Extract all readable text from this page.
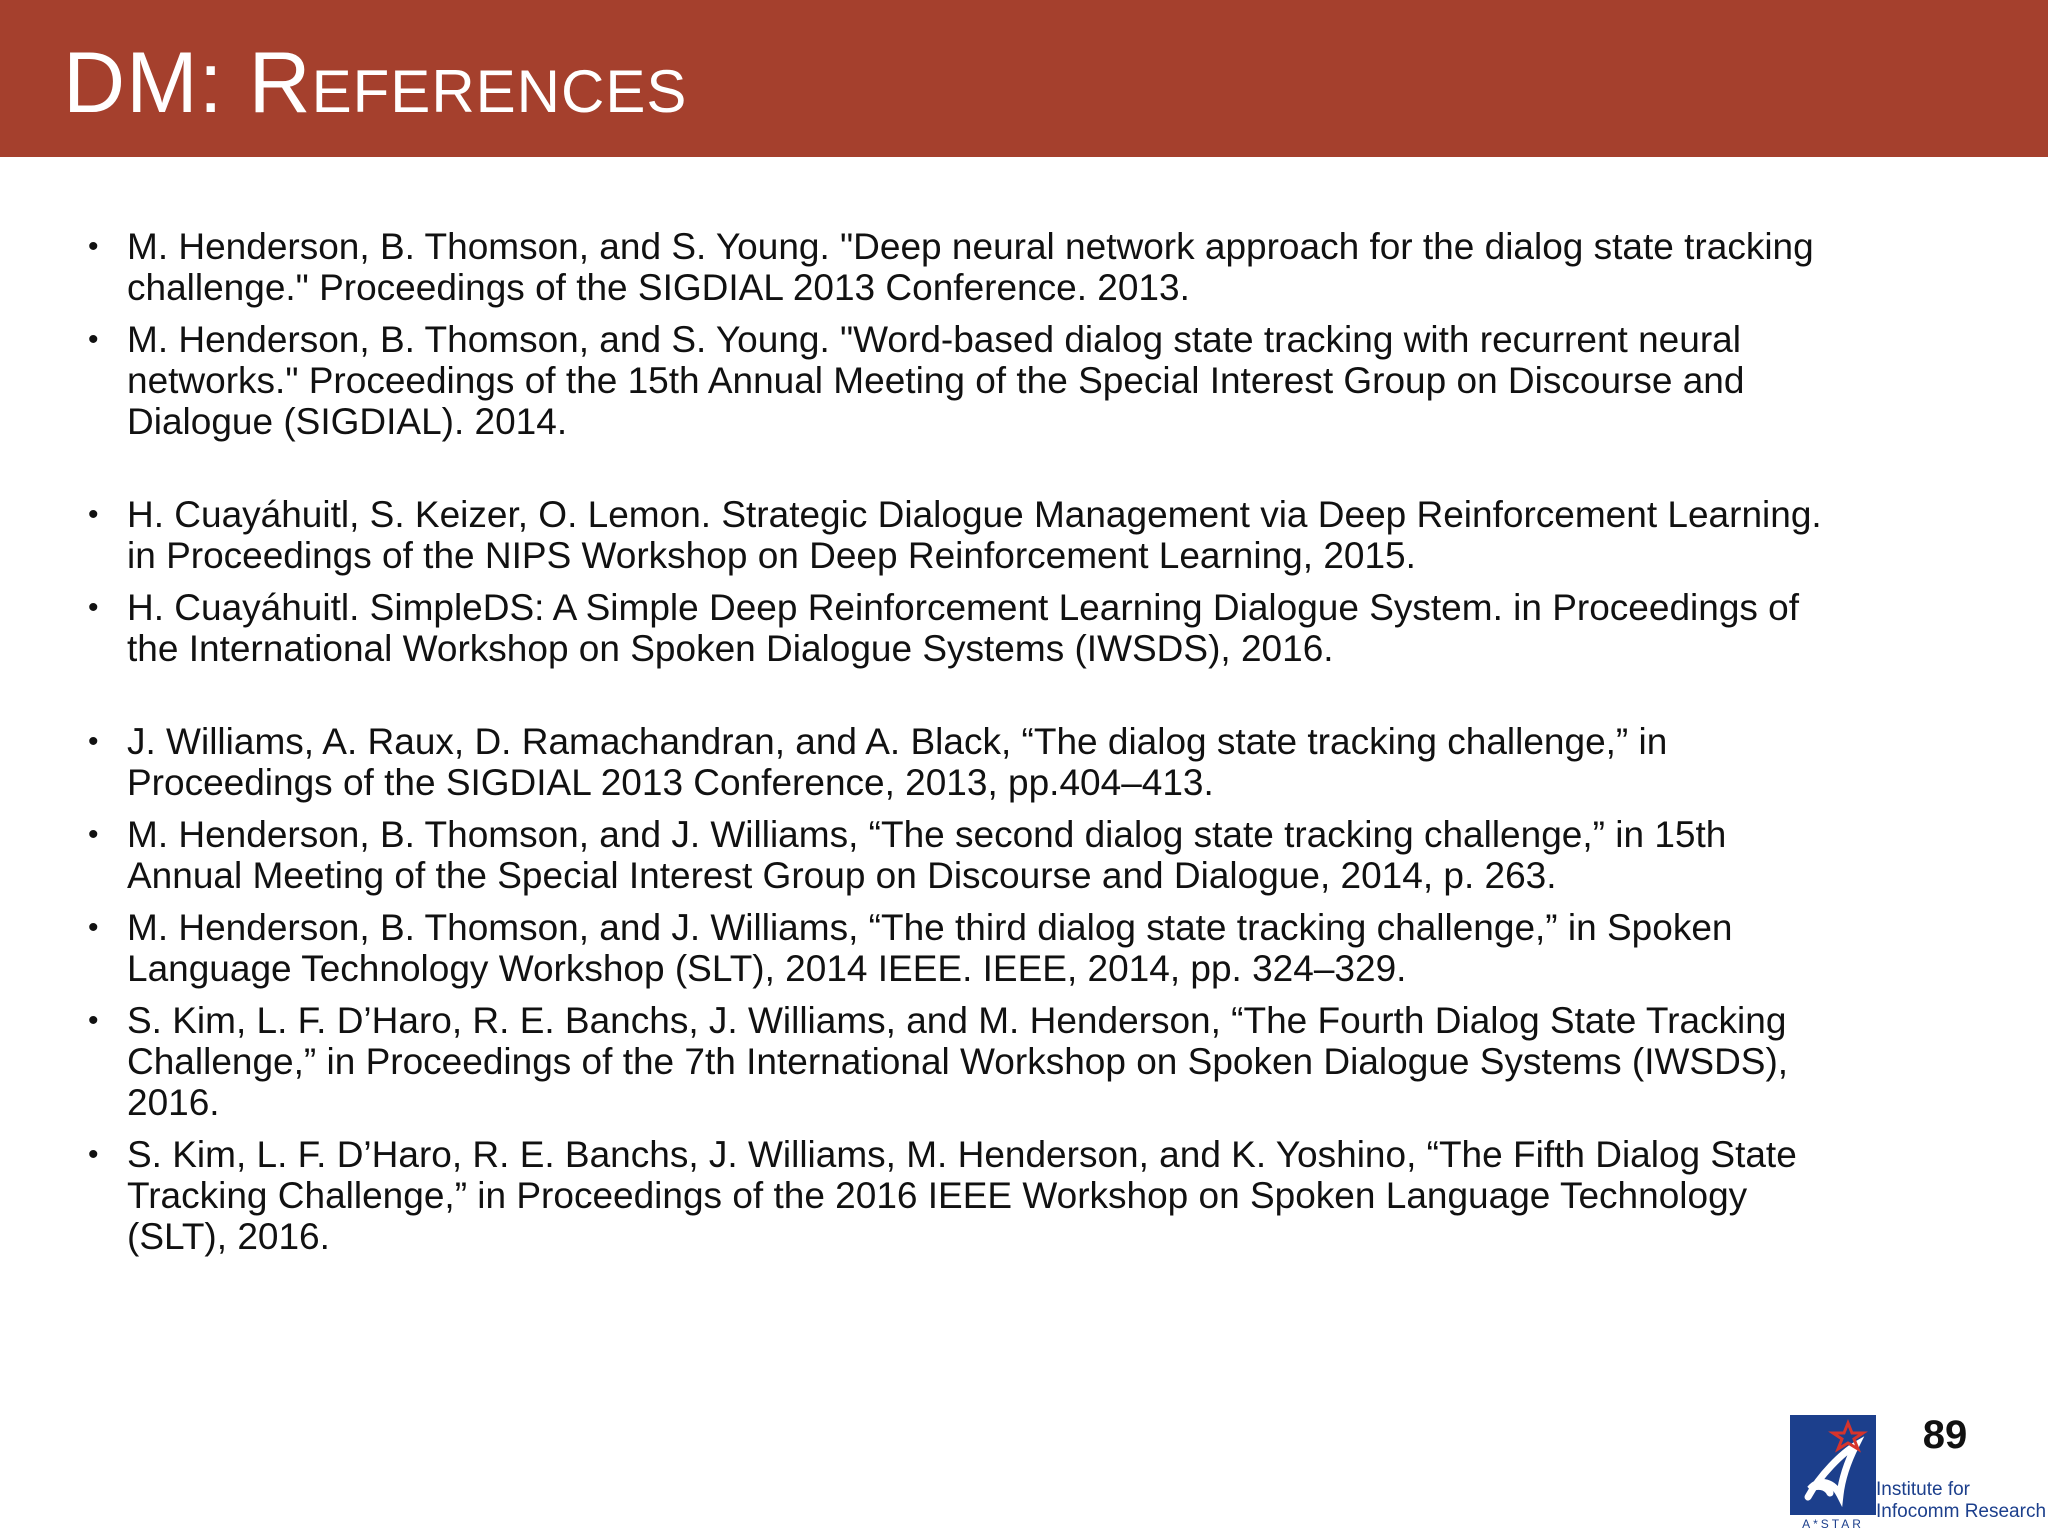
DM: References
• M. Henderson, B. Thomson, and S. Young. "Deep neural network approach for the dialog state tracking challenge." Proceedings of the SIGDIAL 2013 Conference. 2013.
• M. Henderson, B. Thomson, and S. Young. "Word-based dialog state tracking with recurrent neural networks." Proceedings of the 15th Annual Meeting of the Special Interest Group on Discourse and Dialogue (SIGDIAL). 2014.
• H. Cuayáhuitl, S. Keizer, O. Lemon. Strategic Dialogue Management via Deep Reinforcement Learning. in Proceedings of the NIPS Workshop on Deep Reinforcement Learning, 2015.
• H. Cuayáhuitl. SimpleDS: A Simple Deep Reinforcement Learning Dialogue System. in Proceedings of the International Workshop on Spoken Dialogue Systems (IWSDS), 2016.
• J. Williams, A. Raux, D. Ramachandran, and A. Black, “The dialog state tracking challenge,” in Proceedings of the SIGDIAL 2013 Conference, 2013, pp.404–413.
• M. Henderson, B. Thomson, and J. Williams, “The second dialog state tracking challenge,” in 15th Annual Meeting of the Special Interest Group on Discourse and Dialogue, 2014, p. 263.
• M. Henderson, B. Thomson, and J. Williams, “The third dialog state tracking challenge,” in Spoken Language Technology Workshop (SLT), 2014 IEEE. IEEE, 2014, pp. 324–329.
• S. Kim, L. F. D’Haro, R. E. Banchs, J. Williams, and M. Henderson, “The Fourth Dialog State Tracking Challenge,” in Proceedings of the 7th International Workshop on Spoken Dialogue Systems (IWSDS), 2016.
• S. Kim, L. F. D’Haro, R. E. Banchs, J. Williams, M. Henderson, and K. Yoshino, “The Fifth Dialog State Tracking Challenge,” in Proceedings of the 2016 IEEE Workshop on Spoken Language Technology (SLT), 2016.
89
A*STAR
Institute for
Infocomm Research
